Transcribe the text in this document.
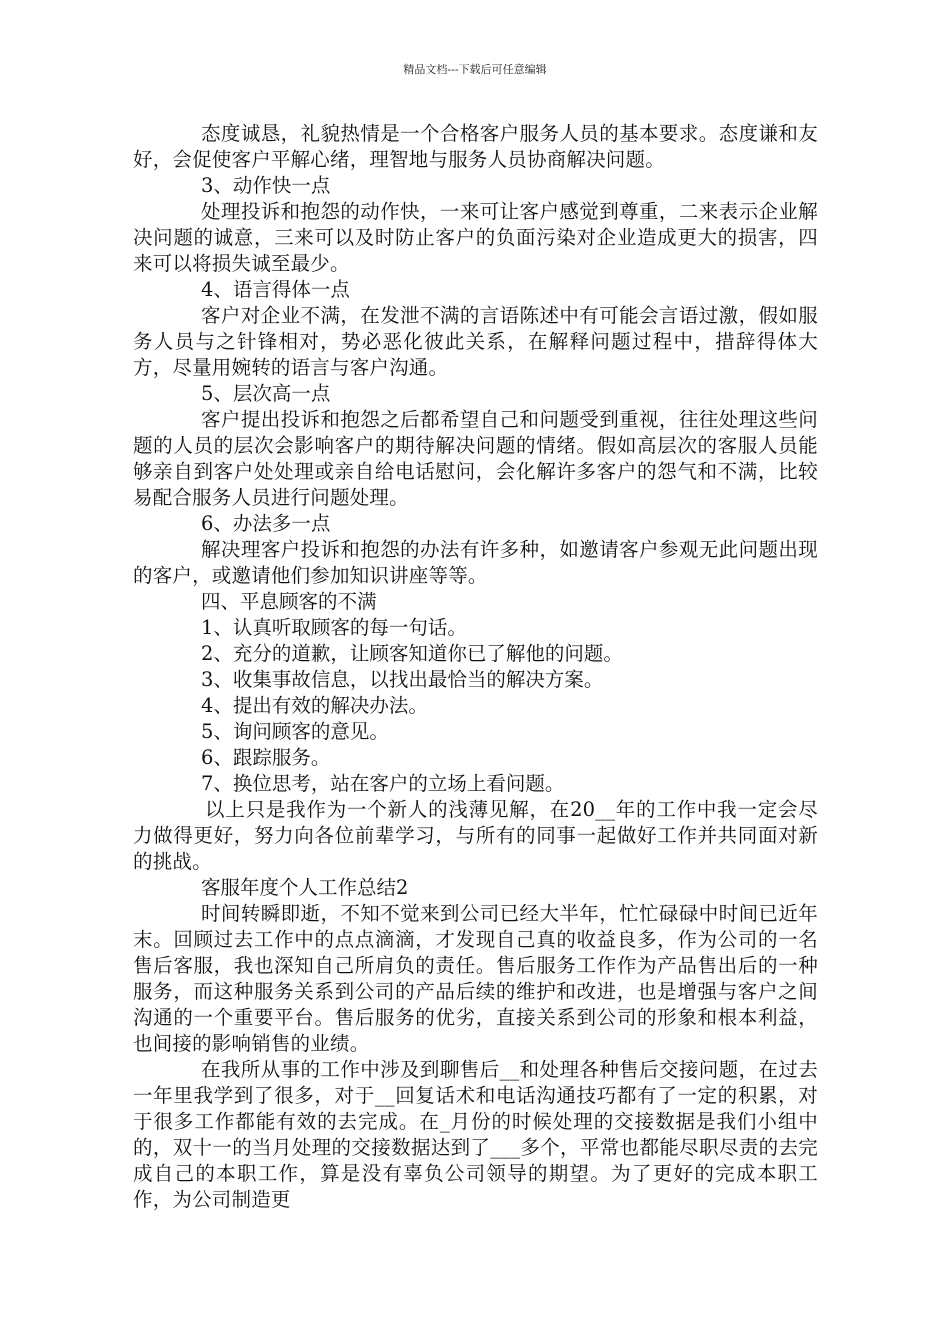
精品文档---下载后可任意编辑

态度诚恳，礼貌热情是一个合格客户服务人员的基本要求。态度谦和友好，会促使客户平解心绪，理智地与服务人员协商解决问题。

3、动作快一点

处理投诉和抱怨的动作快，一来可让客户感觉到尊重，二来表示企业解决问题的诚意，三来可以及时防止客户的负面污染对企业造成更大的损害，四来可以将损失诚至最少。

4、语言得体一点

客户对企业不满，在发泄不满的言语陈述中有可能会言语过激，假如服务人员与之针锋相对，势必恶化彼此关系，在解释问题过程中，措辞得体大方，尽量用婉转的语言与客户沟通。

5、层次高一点

客户提出投诉和抱怨之后都希望自己和问题受到重视，往往处理这些问题的人员的层次会影响客户的期待解决问题的情绪。假如高层次的客服人员能够亲自到客户处处理或亲自给电话慰问，会化解许多客户的怨气和不满，比较易配合服务人员进行问题处理。

6、办法多一点

解决理客户投诉和抱怨的办法有许多种，如邀请客户参观无此问题出现的客户，或邀请他们参加知识讲座等等。

四、平息顾客的不满

1、认真听取顾客的每一句话。

2、充分的道歉，让顾客知道你已了解他的问题。

3、收集事故信息，以找出最恰当的解决方案。

4、提出有效的解决办法。

5、询问顾客的意见。

6、跟踪服务。

7、换位思考，站在客户的立场上看问题。

以上只是我作为一个新人的浅薄见解，在20__年的工作中我一定会尽力做得更好，努力向各位前辈学习，与所有的同事一起做好工作并共同面对新的挑战。

客服年度个人工作总结2

时间转瞬即逝，不知不觉来到公司已经大半年，忙忙碌碌中时间已近年末。回顾过去工作中的点点滴滴，才发现自己真的收益良多，作为公司的一名售后客服，我也深知自己所肩负的责任。售后服务工作作为产品售出后的一种服务，而这种服务关系到公司的产品后续的维护和改进，也是增强与客户之间沟通的一个重要平台。售后服务的优劣，直接关系到公司的形象和根本利益，也间接的影响销售的业绩。

在我所从事的工作中涉及到聊售后__和处理各种售后交接问题，在过去一年里我学到了很多，对于__回复话术和电话沟通技巧都有了一定的积累，对于很多工作都能有效的去完成。在_月份的时候处理的交接数据是我们小组中的，双十一的当月处理的交接数据达到了___多个，平常也都能尽职尽责的去完成自己的本职工作，算是没有辜负公司领导的期望。为了更好的完成本职工作，为公司制造更
